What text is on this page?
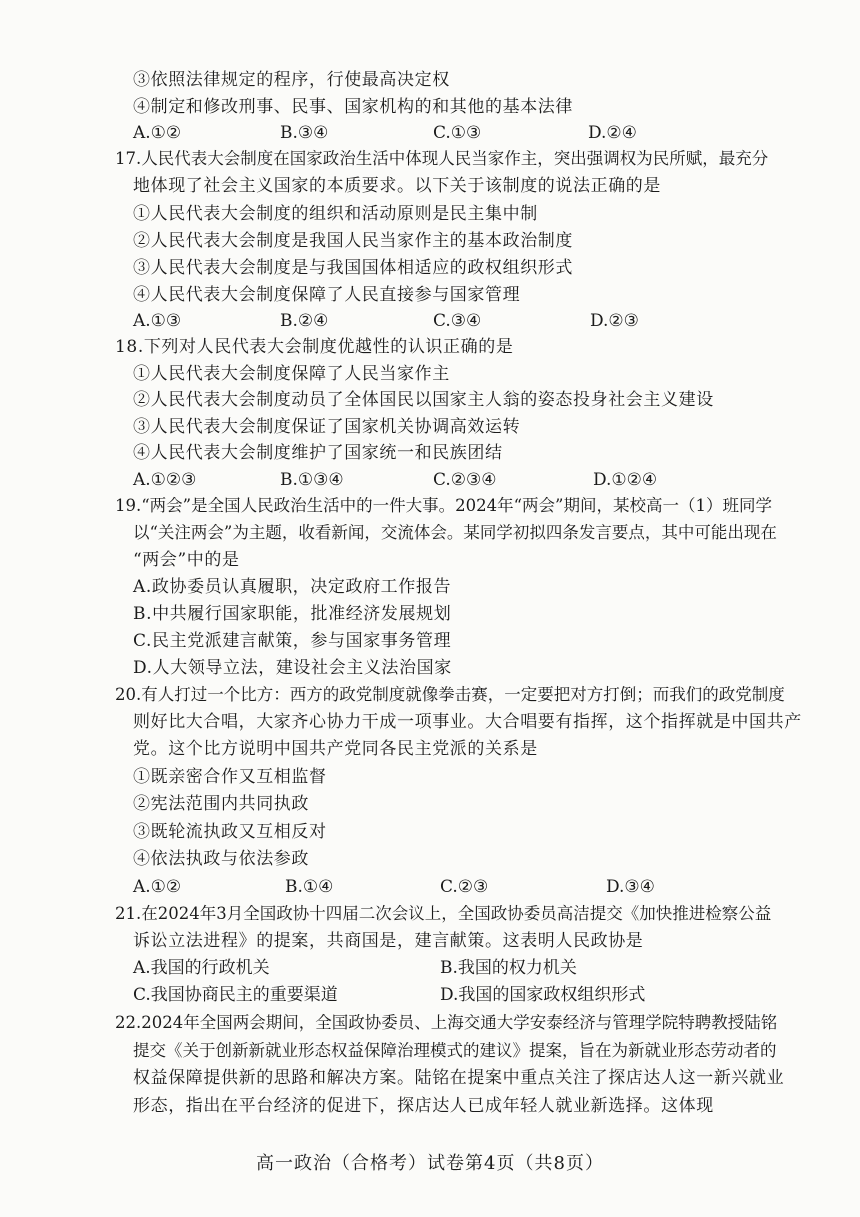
③依照法律规定的程序，行使最高决定权
④制定和修改刑事、民事、国家机构的和其他的基本法律
A.①②	B.③④	C.①③	D.②④
17.人民代表大会制度在国家政治生活中体现人民当家作主，突出强调权为民所赋，最充分
地体现了社会主义国家的本质要求。以下关于该制度的说法正确的是
①人民代表大会制度的组织和活动原则是民主集中制
②人民代表大会制度是我国人民当家作主的基本政治制度
③人民代表大会制度是与我国国体相适应的政权组织形式
④人民代表大会制度保障了人民直接参与国家管理
A.①③	B.②④	C.③④	D.②③
18.下列对人民代表大会制度优越性的认识正确的是
①人民代表大会制度保障了人民当家作主
②人民代表大会制度动员了全体国民以国家主人翁的姿态投身社会主义建设
③人民代表大会制度保证了国家机关协调高效运转
④人民代表大会制度维护了国家统一和民族团结
A.①②③	B.①③④	C.②③④	D.①②④
19.“两会”是全国人民政治生活中的一件大事。2024年“两会”期间，某校高一（1）班同学
以“关注两会”为主题，收看新闻，交流体会。某同学初拟四条发言要点，其中可能出现在
“两会”中的是
A.政协委员认真履职，决定政府工作报告
B.中共履行国家职能，批准经济发展规划
C.民主党派建言献策，参与国家事务管理
D.人大领导立法，建设社会主义法治国家
20.有人打过一个比方：西方的政党制度就像拳击赛，一定要把对方打倒；而我们的政党制度
则好比大合唱，大家齐心协力干成一项事业。大合唱要有指挥，这个指挥就是中国共产
党。这个比方说明中国共产党同各民主党派的关系是
①既亲密合作又互相监督
②宪法范围内共同执政
③既轮流执政又互相反对
④依法执政与依法参政
A.①②	B.①④	C.②③	D.③④
21.在2024年3月全国政协十四届二次会议上，全国政协委员高洁提交《加快推进检察公益
诉讼立法进程》的提案，共商国是，建言献策。这表明人民政协是
A.我国的行政机关	B.我国的权力机关
C.我国协商民主的重要渠道	D.我国的国家政权组织形式
22.2024年全国两会期间，全国政协委员、上海交通大学安泰经济与管理学院特聘教授陆铭
提交《关于创新新就业形态权益保障治理模式的建议》提案，旨在为新就业形态劳动者的
权益保障提供新的思路和解决方案。陆铭在提案中重点关注了探店达人这一新兴就业
形态，指出在平台经济的促进下，探店达人已成年轻人就业新选择。这体现
高一政治（合格考）试卷第4页（共8页）
